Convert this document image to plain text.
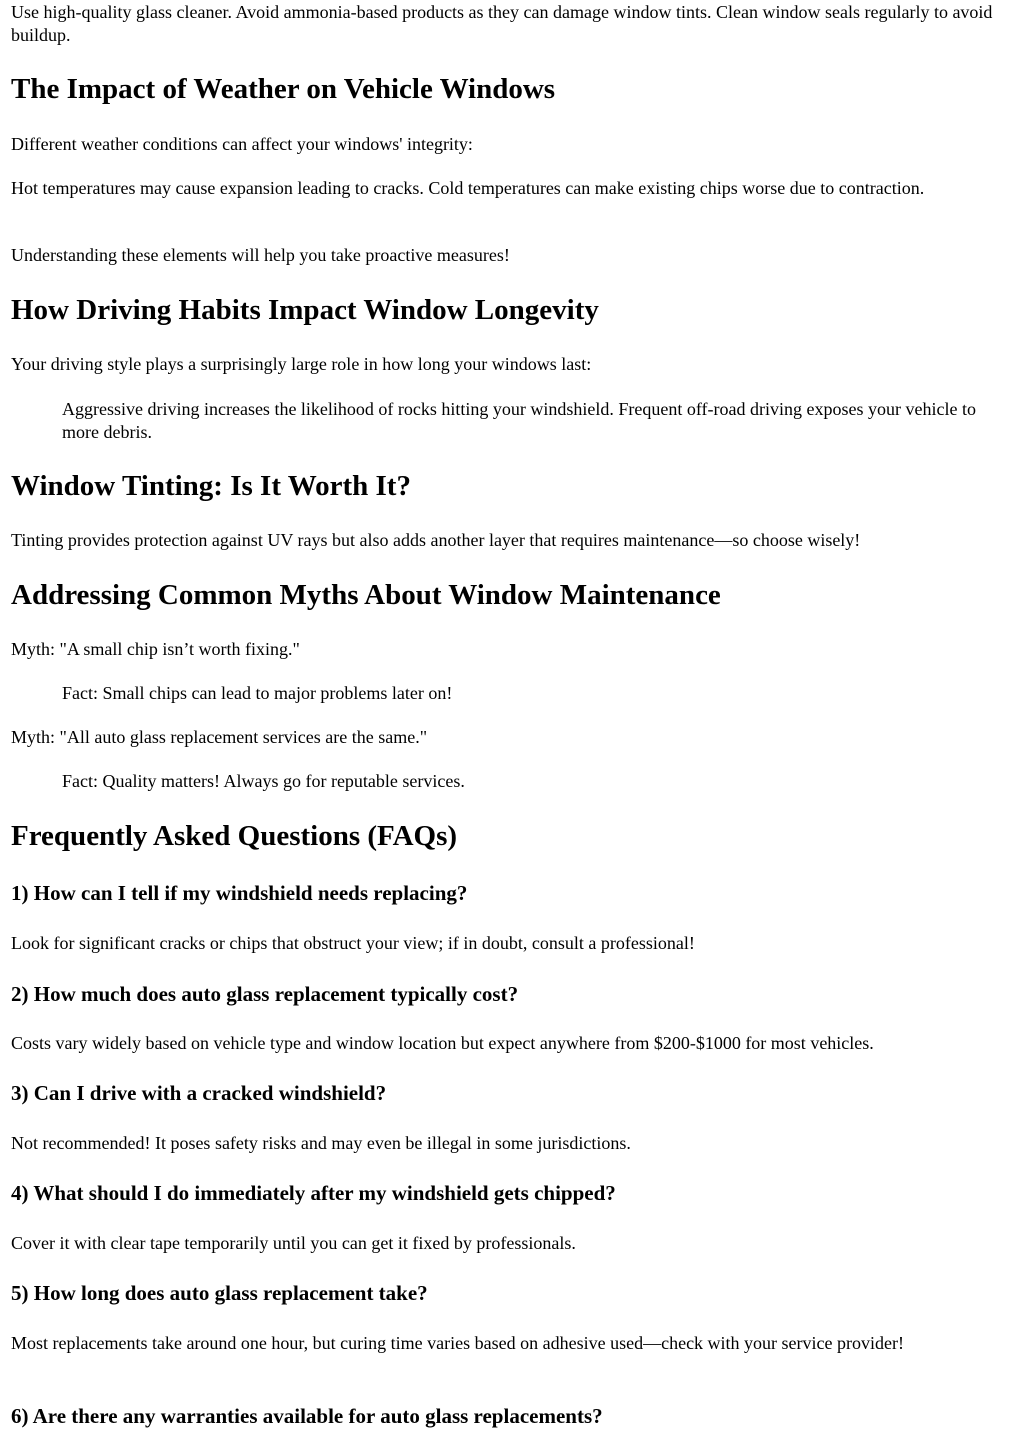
Use high-quality glass cleaner. Avoid ammonia-based products as they can damage window tints. Clean window seals regularly to avoid buildup.

The Impact of Weather on Vehicle Windows

Different weather conditions can affect your windows' integrity:

Hot temperatures may cause expansion leading to cracks. Cold temperatures can make existing chips worse due to contraction.

Understanding these elements will help you take proactive measures!

How Driving Habits Impact Window Longevity

Your driving style plays a surprisingly large role in how long your windows last:

Aggressive driving increases the likelihood of rocks hitting your windshield. Frequent off-road driving exposes your vehicle to more debris.

Window Tinting: Is It Worth It?

Tinting provides protection against UV rays but also adds another layer that requires maintenance—so choose wisely!

Addressing Common Myths About Window Maintenance

Myth: "A small chip isn’t worth fixing."

Fact: Small chips can lead to major problems later on!

Myth: "All auto glass replacement services are the same."

Fact: Quality matters! Always go for reputable services.

Frequently Asked Questions (FAQs)
1) How can I tell if my windshield needs replacing?

Look for significant cracks or chips that obstruct your view; if in doubt, consult a professional!

2) How much does auto glass replacement typically cost?

Costs vary widely based on vehicle type and window location but expect anywhere from $200-$1000 for most vehicles.

3) Can I drive with a cracked windshield?

Not recommended! It poses safety risks and may even be illegal in some jurisdictions.

4) What should I do immediately after my windshield gets chipped?

Cover it with clear tape temporarily until you can get it fixed by professionals.

5) How long does auto glass replacement take?

Most replacements take around one hour, but curing time varies based on adhesive used—check with your service provider!

6) Are there any warranties available for auto glass replacements?
